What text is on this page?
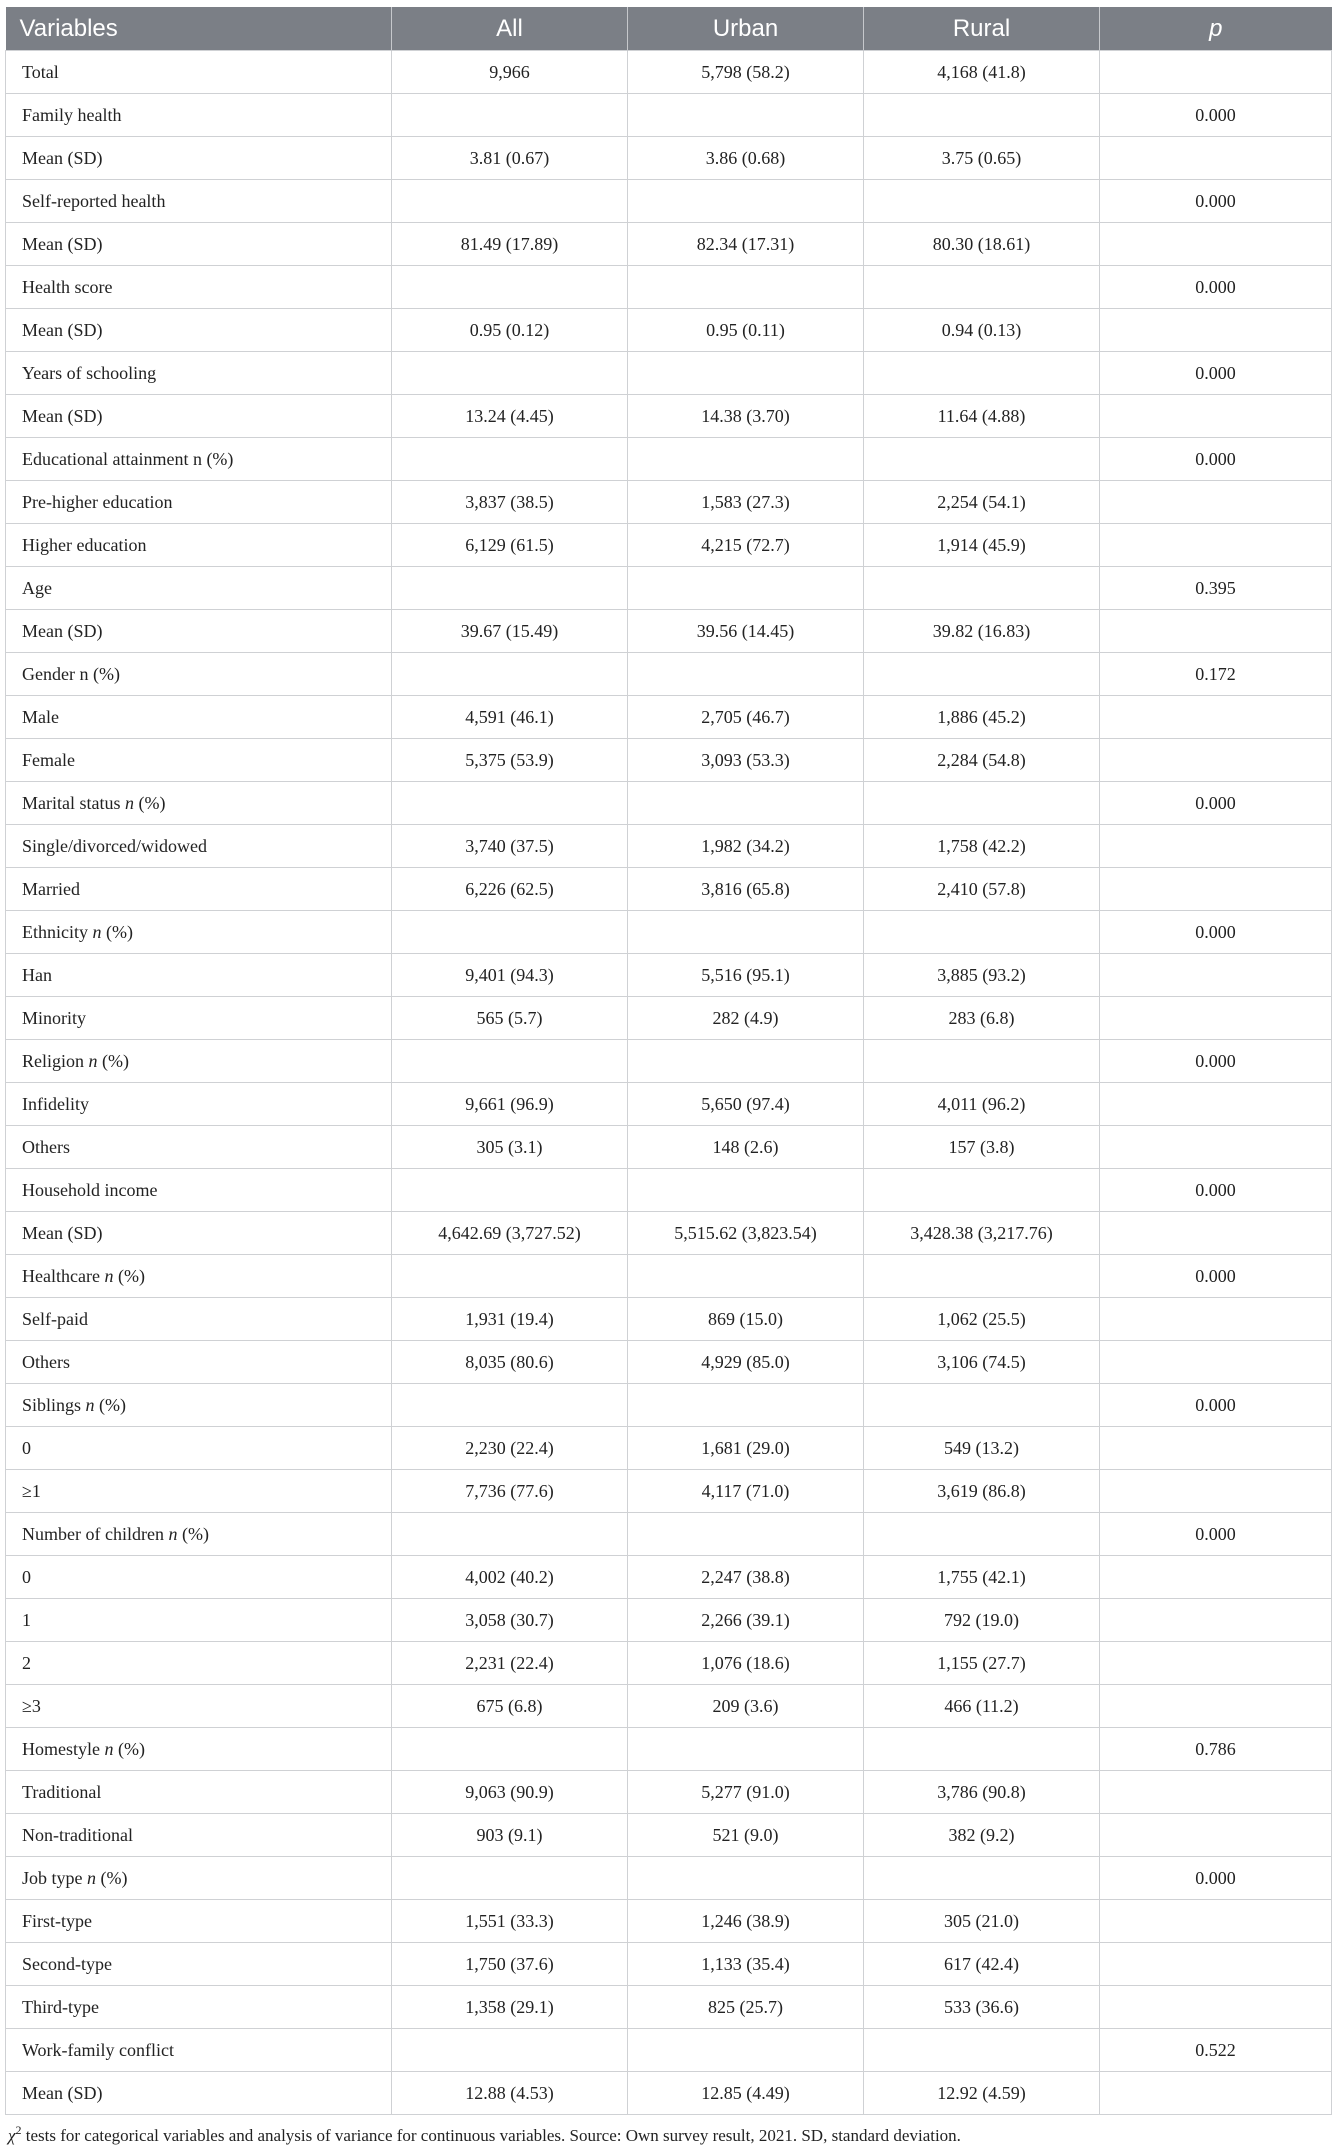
Variables	All	Urban	Rural	p
Total	9,966	5,798 (58.2)	4,168 (41.8)	
Family health				0.000
Mean (SD)	3.81 (0.67)	3.86 (0.68)	3.75 (0.65)	
Self-reported health				0.000
Mean (SD)	81.49 (17.89)	82.34 (17.31)	80.30 (18.61)	
Health score				0.000
Mean (SD)	0.95 (0.12)	0.95 (0.11)	0.94 (0.13)	
Years of schooling				0.000
Mean (SD)	13.24 (4.45)	14.38 (3.70)	11.64 (4.88)	
Educational attainment n (%)				0.000
Pre-higher education	3,837 (38.5)	1,583 (27.3)	2,254 (54.1)	
Higher education	6,129 (61.5)	4,215 (72.7)	1,914 (45.9)	
Age				0.395
Mean (SD)	39.67 (15.49)	39.56 (14.45)	39.82 (16.83)	
Gender n (%)				0.172
Male	4,591 (46.1)	2,705 (46.7)	1,886 (45.2)	
Female	5,375 (53.9)	3,093 (53.3)	2,284 (54.8)	
Marital status n (%)				0.000
Single/divorced/widowed	3,740 (37.5)	1,982 (34.2)	1,758 (42.2)	
Married	6,226 (62.5)	3,816 (65.8)	2,410 (57.8)	
Ethnicity n (%)				0.000
Han	9,401 (94.3)	5,516 (95.1)	3,885 (93.2)	
Minority	565 (5.7)	282 (4.9)	283 (6.8)	
Religion n (%)				0.000
Infidelity	9,661 (96.9)	5,650 (97.4)	4,011 (96.2)	
Others	305 (3.1)	148 (2.6)	157 (3.8)	
Household income				0.000
Mean (SD)	4,642.69 (3,727.52)	5,515.62 (3,823.54)	3,428.38 (3,217.76)	
Healthcare n (%)				0.000
Self-paid	1,931 (19.4)	869 (15.0)	1,062 (25.5)	
Others	8,035 (80.6)	4,929 (85.0)	3,106 (74.5)	
Siblings n (%)				0.000
0	2,230 (22.4)	1,681 (29.0)	549 (13.2)	
≥1	7,736 (77.6)	4,117 (71.0)	3,619 (86.8)	
Number of children n (%)				0.000
0	4,002 (40.2)	2,247 (38.8)	1,755 (42.1)	
1	3,058 (30.7)	2,266 (39.1)	792 (19.0)	
2	2,231 (22.4)	1,076 (18.6)	1,155 (27.7)	
≥3	675 (6.8)	209 (3.6)	466 (11.2)	
Homestyle n (%)				0.786
Traditional	9,063 (90.9)	5,277 (91.0)	3,786 (90.8)	
Non-traditional	903 (9.1)	521 (9.0)	382 (9.2)	
Job type n (%)				0.000
First-type	1,551 (33.3)	1,246 (38.9)	305 (21.0)	
Second-type	1,750 (37.6)	1,133 (35.4)	617 (42.4)	
Third-type	1,358 (29.1)	825 (25.7)	533 (36.6)	
Work-family conflict				0.522
Mean (SD)	12.88 (4.53)	12.85 (4.49)	12.92 (4.59)	
$\chi^2$ tests for categorical variables and analysis of variance for continuous variables. Source: Own survey result, 2021. SD, standard deviation.
